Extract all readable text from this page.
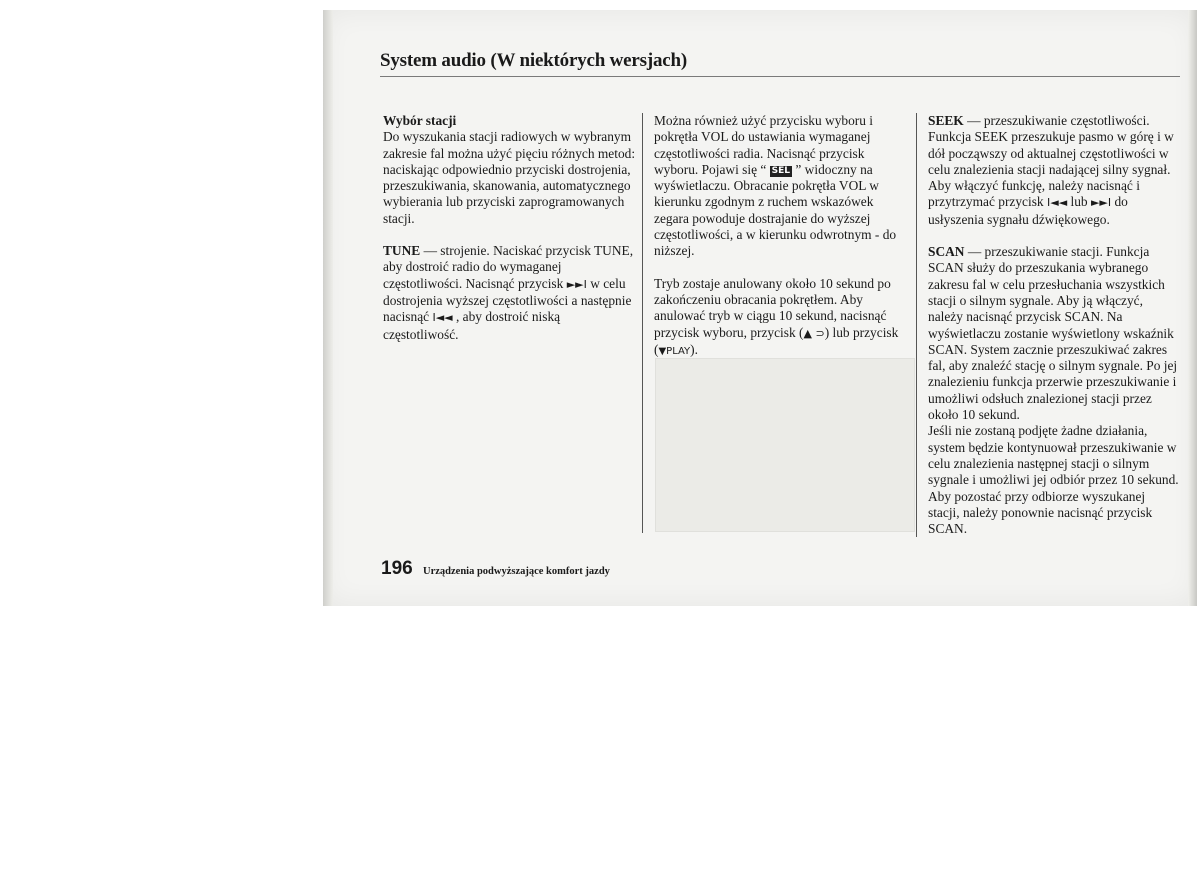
System audio (W niektórych wersjach)

Wybór stacji

Do wyszukania stacji radiowych w wybranym zakresie fal można użyć pięciu różnych metod: naciskając odpowiednio przyciski dostrojenia, przeszukiwania, skanowania, automatycznego wybierania lub przyciski zaprogramowanych stacji.

TUNE — strojenie. Naciskać przycisk TUNE, aby dostroić radio do wymaganej częstotliwości. Nacisnąć przycisk ►►I w celu dostrojenia wyższej częstotliwości a następnie nacisnąć I◄◄ , aby dostroić niską częstotliwość.

Można również użyć przycisku wyboru i pokrętła VOL do ustawiania wymaganej częstotliwości radia. Nacisnąć przycisk wyboru. Pojawi się “ SEL ” widoczny na wyświetlaczu. Obracanie pokrętła VOL w kierunku zgodnym z ruchem wskazówek zegara powoduje dostrajanie do wyższej częstotliwości, a w kierunku odwrotnym - do niższej.

Tryb zostaje anulowany około 10 sekund po zakończeniu obracania pokrętłem. Aby anulować tryb w ciągu 10 sekund, nacisnąć przycisk wyboru, przycisk (▲ ⊃) lub przycisk (▼PLAY).

SEEK — przeszukiwanie częstotliwości. Funkcja SEEK przeszukuje pasmo w górę i w dół począwszy od aktualnej częstotliwości w celu znalezienia stacji nadającej silny sygnał. Aby włączyć funkcję, należy nacisnąć i przytrzymać przycisk I◄◄ lub ►►I do usłyszenia sygnału dźwiękowego.

SCAN — przeszukiwanie stacji. Funkcja SCAN służy do przeszukania wybranego zakresu fal w celu przesłuchania wszystkich stacji o silnym sygnale. Aby ją włączyć, należy nacisnąć przycisk SCAN. Na wyświetlaczu zostanie wyświetlony wskaźnik SCAN. System zacznie przeszukiwać zakres fal, aby znaleźć stację o silnym sygnale. Po jej znalezieniu funkcja przerwie przeszukiwanie i umożliwi odsłuch znalezionej stacji przez około 10 sekund.

Jeśli nie zostaną podjęte żadne działania, system będzie kontynuował przeszukiwanie w celu znalezienia następnej stacji o silnym sygnale i umożliwi jej odbiór przez 10 sekund. Aby pozostać przy odbiorze wyszukanej stacji, należy ponownie nacisnąć przycisk SCAN.

196 Urządzenia podwyższające komfort jazdy
